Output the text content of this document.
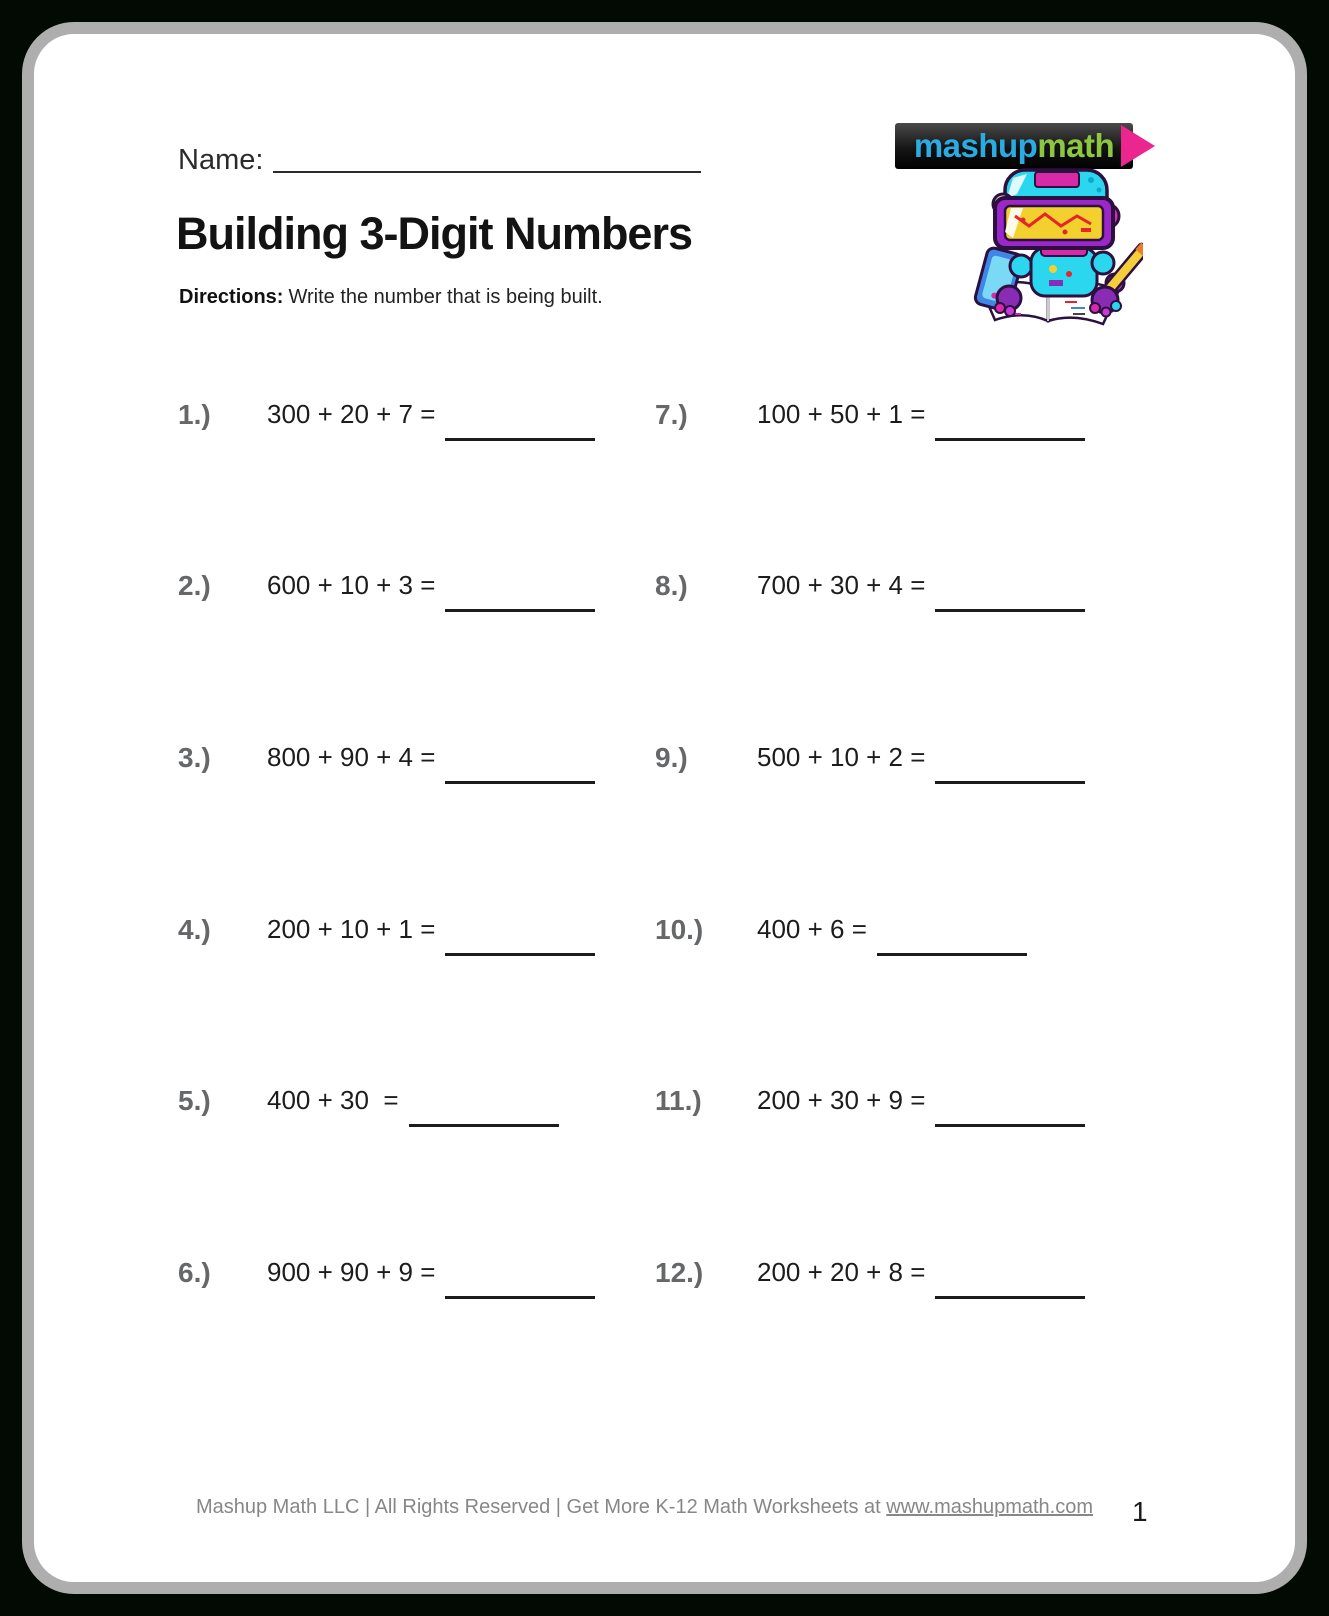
Name:	mashup math
Building 3-Digit Numbers

Directions: Write the number that is being built.

1.)	300 + 20 + 7 =	7.)	100 + 50 + 1 =
2.)	600 + 10 + 3 =	8.)	700 + 30 + 4 =
3.)	800 + 90 + 4 =	9.)	500 + 10 + 2 =
4.)	200 + 10 + 1 =	10.)	400 + 6 =
5.)	400 + 30  =	11.)	200 + 30 + 9 =
6.)	900 + 90 + 9 =	12.)	200 + 20 + 8 =
Mashup Math LLC | All Rights Reserved | Get More K-12 Math Worksheets at www.mashupmath.com	1
